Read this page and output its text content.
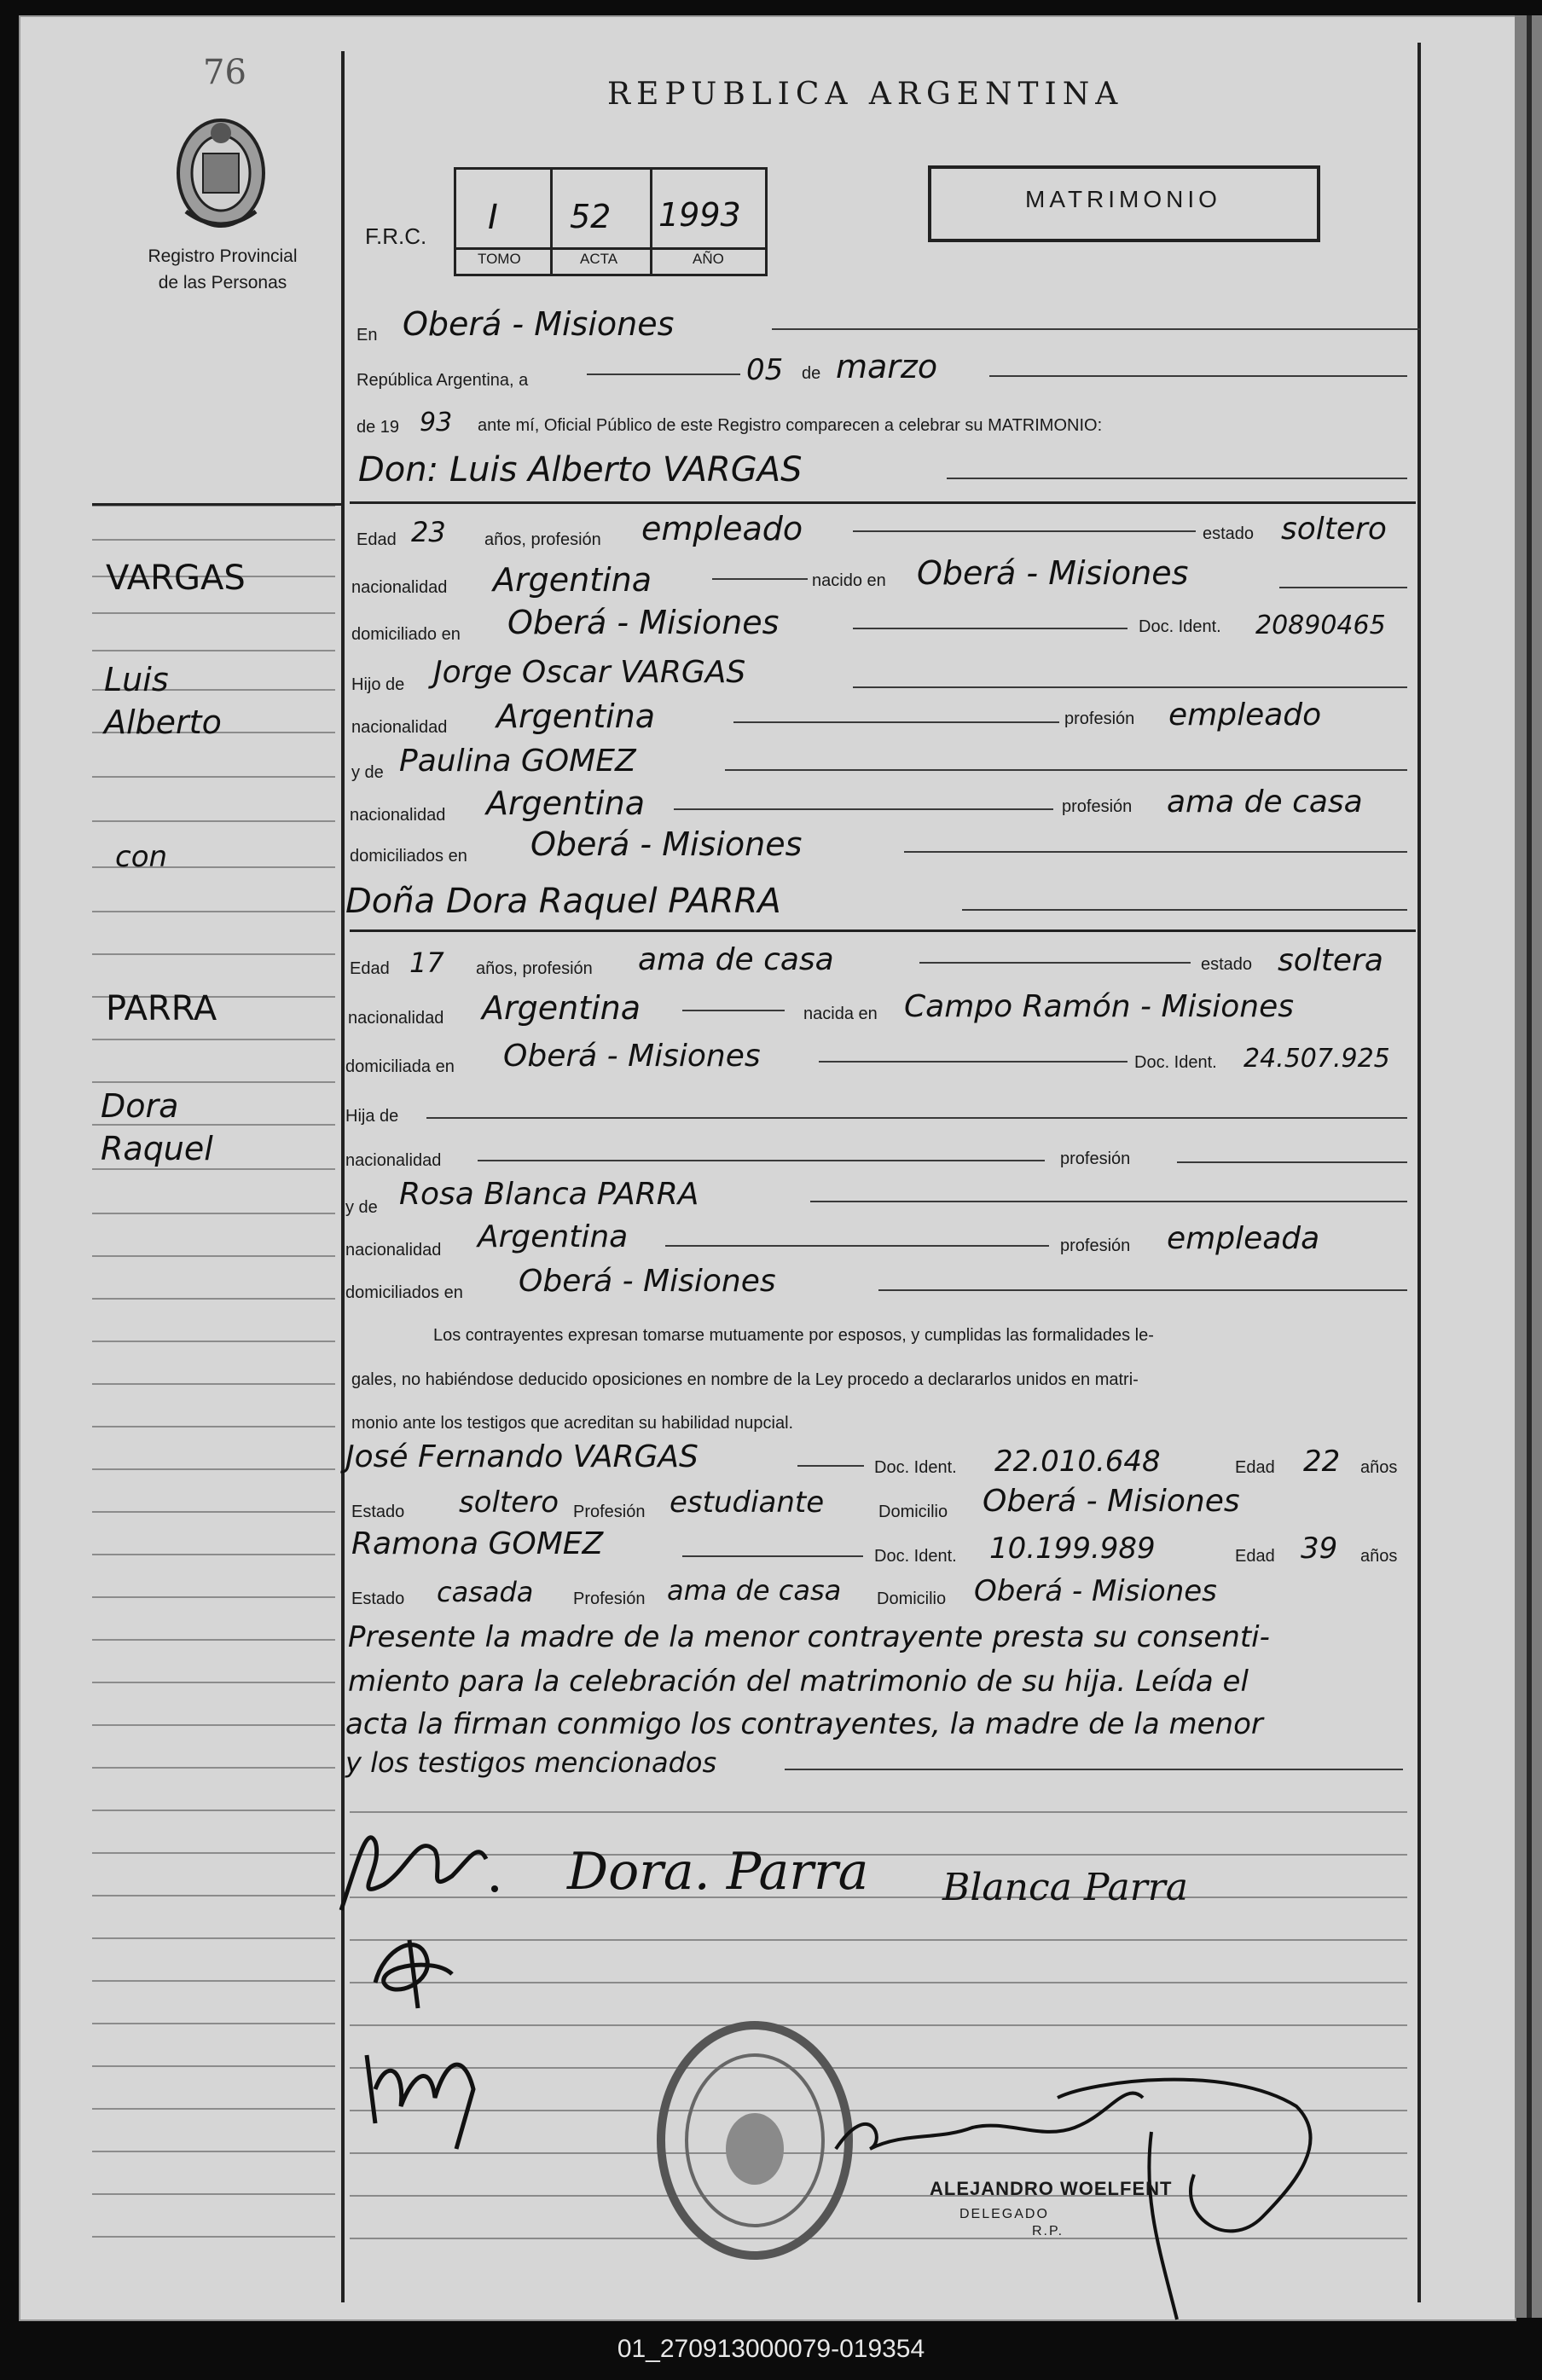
76
Registro Provincial
de las Personas
REPUBLICA ARGENTINA
F.R.C. I 52 1993
TOMO	ACTA	AÑO
MATRIMONIO
En Oberá - Misiones
República Argentina, a	05 de marzo
de 19 93 ante mí, Oficial Público de este Registro comparecen a celebrar su MATRIMONIO:
Don: Luis Alberto VARGAS
Edad 23 años, profesión empleado	estado soltero
nacionalidad Argentina	nacido en Oberá - Misiones
domiciliado en Oberá - Misiones	Doc. Ident. 20890465
Hijo de Jorge Oscar VARGAS
nacionalidad Argentina	profesión empleado
y de Paulina GOMEZ
nacionalidad Argentina	profesión ama de casa
domiciliados en Oberá - Misiones
Doña Dora Raquel PARRA
Edad 17 años, profesión ama de casa	estado soltera
nacionalidad Argentina	nacida en Campo Ramón - Misiones
domiciliada en Oberá - Misiones	Doc. Ident. 24.507.925
Hija de
nacionalidad	profesión
y de Rosa Blanca PARRA
nacionalidad Argentina	profesión empleada
domiciliados en Oberá - Misiones
VARGAS
Luis
Alberto
con
PARRA
Dora
Raquel
Los contrayentes expresan tomarse mutuamente por esposos, y cumplidas las formalidades le-
gales, no habiéndose deducido oposiciones en nombre de la Ley procedo a declararlos unidos en matri-
monio ante los testigos que acreditan su habilidad nupcial.
José Fernando VARGAS	Doc. Ident. 22.010.648	Edad 22 años
Estado soltero Profesión estudiante	Domicilio Oberá - Misiones
Ramona GOMEZ	Doc. Ident. 10.199.989	Edad 39 años
Estado casada Profesión ama de casa Domicilio Oberá - Misiones
Presente la madre de la menor contrayente presta su consenti-
miento para la celebración del matrimonio de su hija. Leída el
acta la firman conmigo los contrayentes, la madre de la menor
y los testigos mencionados
Dora. Parra Blanca Parra
ALEJANDRO WOELFENT
DELEGADO
R.P.
01_270913000079-019354
